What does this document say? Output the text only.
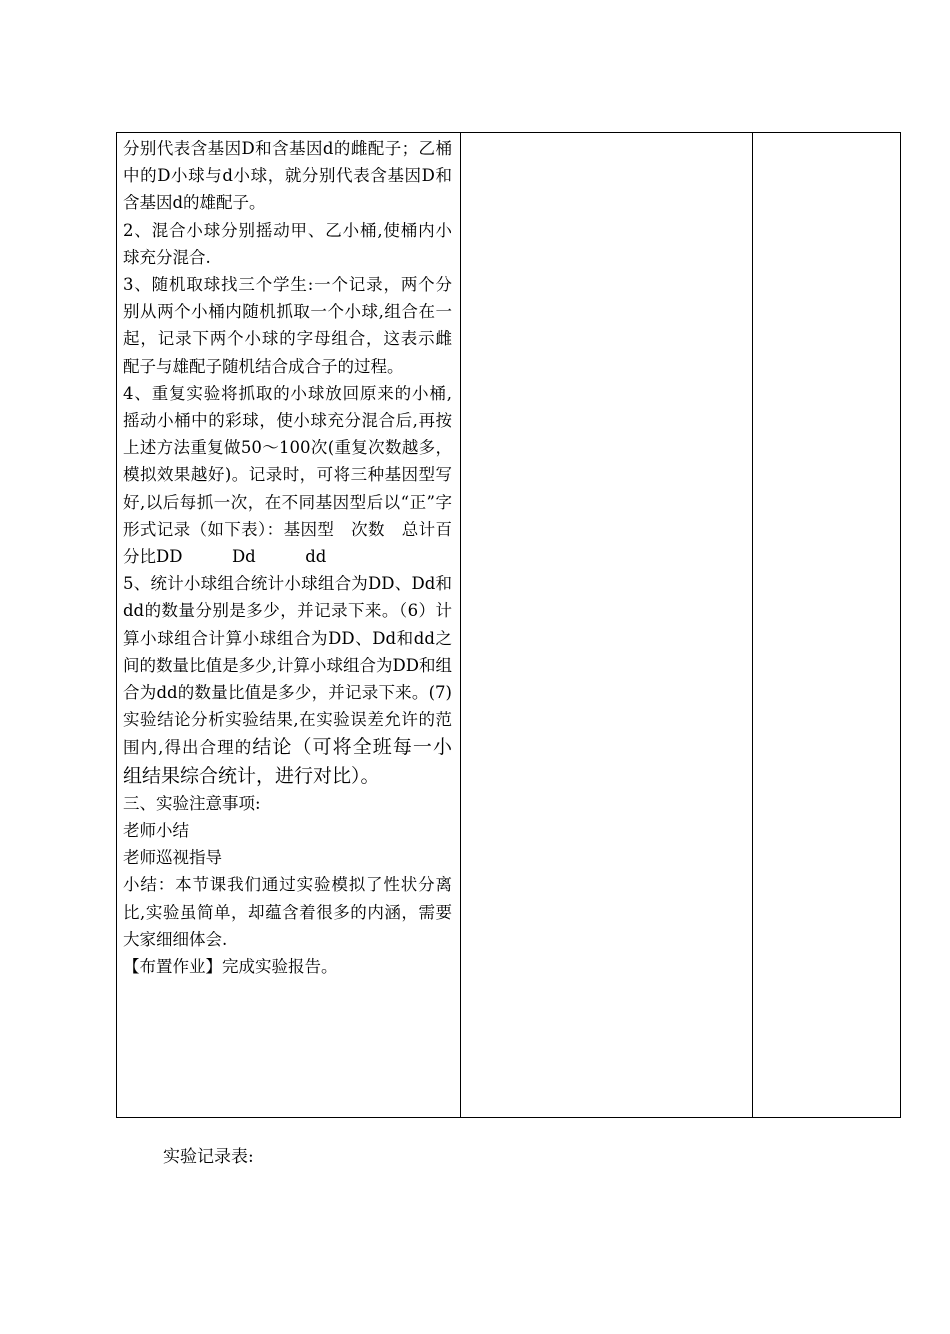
分别代表含基因D和含基因d的雌配子；乙桶中的D小球与d小球，就分别代表含基因D和含基因d的雄配子。

2、混合小球分别摇动甲、乙小桶,使桶内小球充分混合.

3、随机取球找三个学生:一个记录，两个分别从两个小桶内随机抓取一个小球,组合在一起，记录下两个小球的字母组合，这表示雌配子与雄配子随机结合成合子的过程。

4、重复实验将抓取的小球放回原来的小桶,摇动小桶中的彩球，使小球充分混合后,再按上述方法重复做50～100次(重复次数越多，模拟效果越好)。记录时，可将三种基因型写好,以后每抓一次，在不同基因型后以“正”字形式记录（如下表）：基因型　次数　总计百分比DD　　　Dd　　　dd

5、统计小球组合统计小球组合为DD、Dd和dd的数量分别是多少，并记录下来。（6）计算小球组合计算小球组合为DD、Dd和dd之间的数量比值是多少,计算小球组合为DD和组合为dd的数量比值是多少，并记录下来。(7)实验结论分析实验结果,在实验误差允许的范围内,得出合理的结论（可将全班每一小组结果综合统计，进行对比）。

三、实验注意事项:

老师小结

老师巡视指导

小结：本节课我们通过实验模拟了性状分离比,实验虽简单，却蕴含着很多的内涵，需要大家细细体会.

【布置作业】完成实验报告。

实验记录表:
